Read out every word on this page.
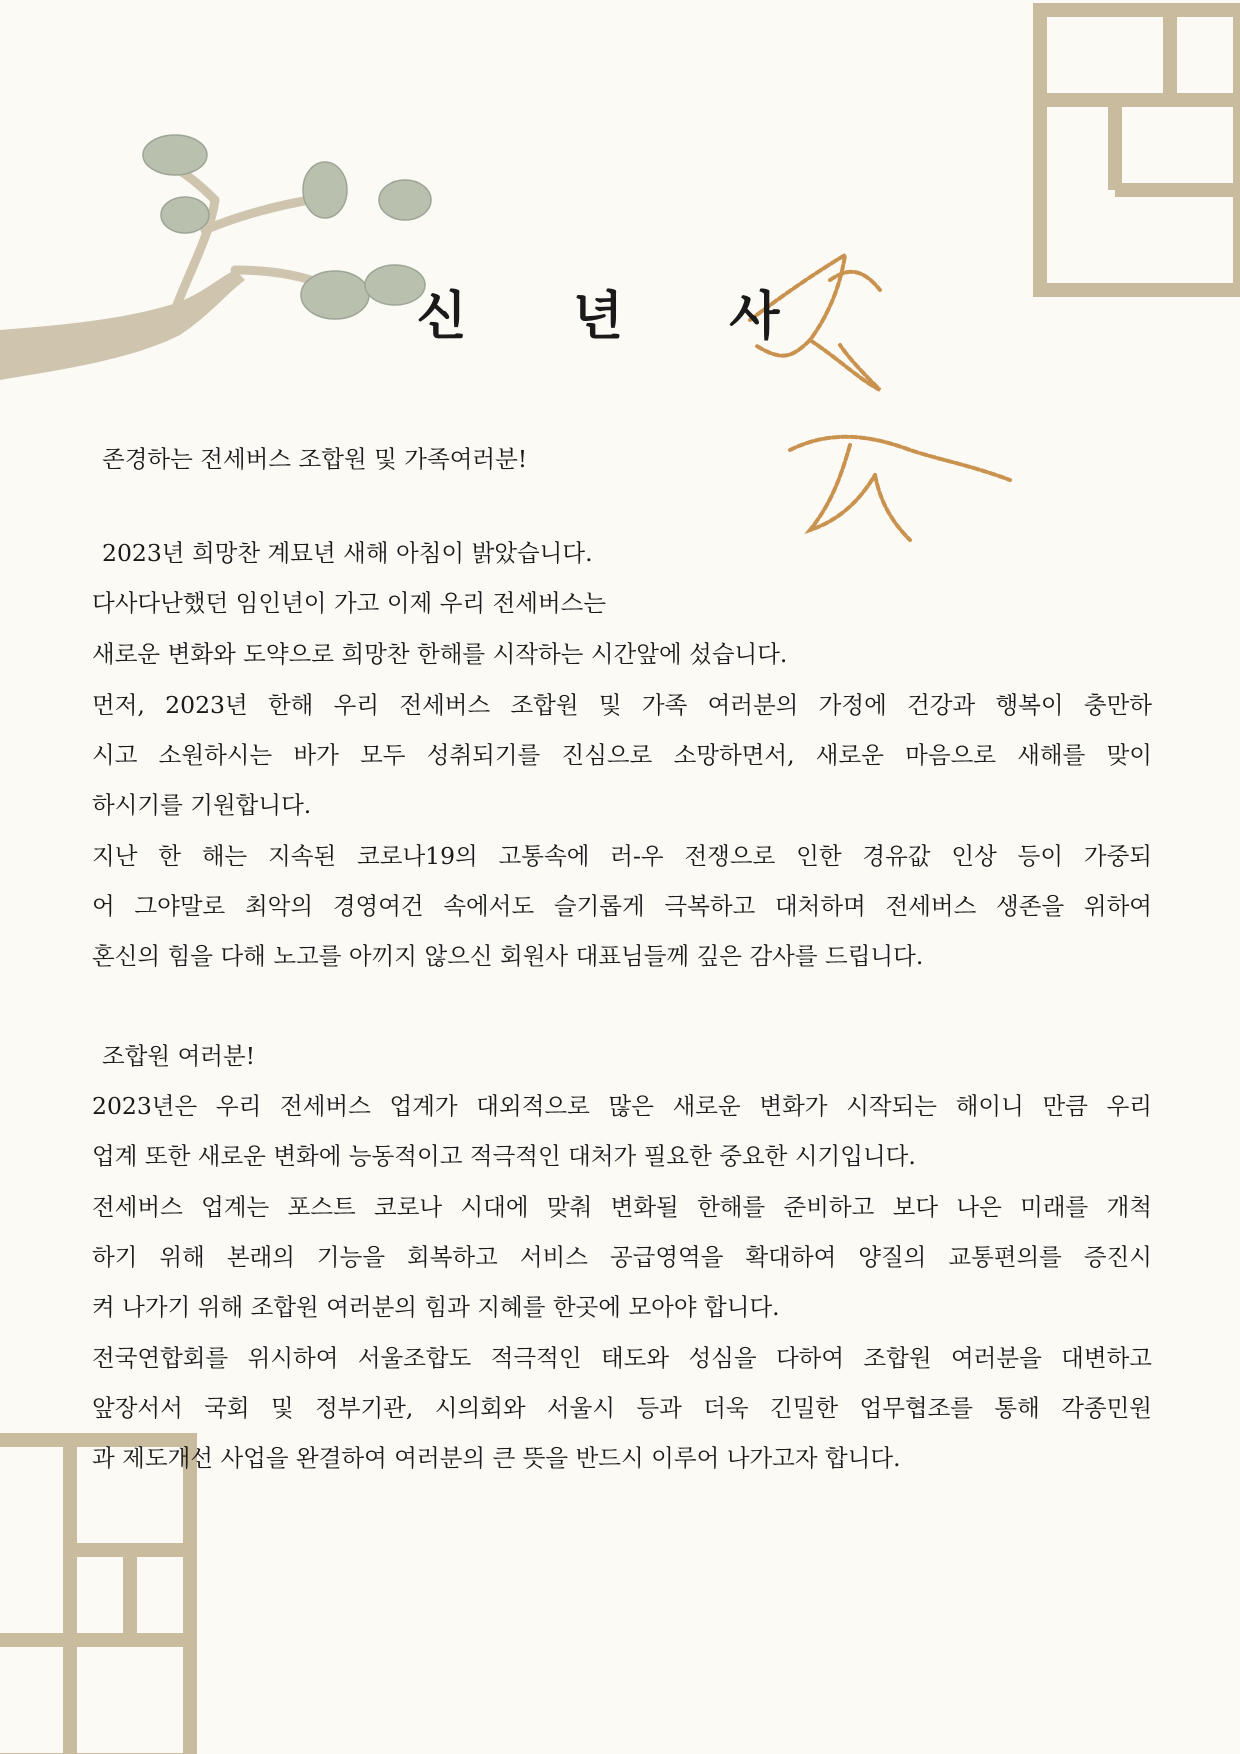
신 년 사
존경하는 전세버스 조합원 및 가족여러분!
2023년 희망찬 계묘년 새해 아침이 밝았습니다.
다사다난했던 임인년이 가고 이제 우리 전세버스는
새로운 변화와 도약으로 희망찬 한해를 시작하는 시간앞에 섰습니다.
먼저, 2023년 한해 우리 전세버스 조합원 및 가족 여러분의 가정에 건강과 행복이 충만하
시고 소원하시는 바가 모두 성취되기를 진심으로 소망하면서, 새로운 마음으로 새해를 맞이
하시기를 기원합니다.
지난 한 해는 지속된 코로나19의 고통속에 러-우 전쟁으로 인한 경유값 인상 등이 가중되
어 그야말로 최악의 경영여건 속에서도 슬기롭게 극복하고 대처하며 전세버스 생존을 위하여
혼신의 힘을 다해 노고를 아끼지 않으신 회원사 대표님들께 깊은 감사를 드립니다.
조합원 여러분!
2023년은 우리 전세버스 업계가 대외적으로 많은 새로운 변화가 시작되는 해이니 만큼 우리
업계 또한 새로운 변화에 능동적이고 적극적인 대처가 필요한 중요한 시기입니다.
전세버스 업계는 포스트 코로나 시대에 맞춰 변화될 한해를 준비하고 보다 나은 미래를 개척
하기 위해 본래의 기능을 회복하고 서비스 공급영역을 확대하여 양질의 교통편의를 증진시
켜 나가기 위해 조합원 여러분의 힘과 지혜를 한곳에 모아야 합니다.
전국연합회를 위시하여 서울조합도 적극적인 태도와 성심을 다하여 조합원 여러분을 대변하고
앞장서서 국회 및 정부기관, 시의회와 서울시 등과 더욱 긴밀한 업무협조를 통해 각종민원
과 제도개선 사업을 완결하여 여러분의 큰 뜻을 반드시 이루어 나가고자 합니다.
